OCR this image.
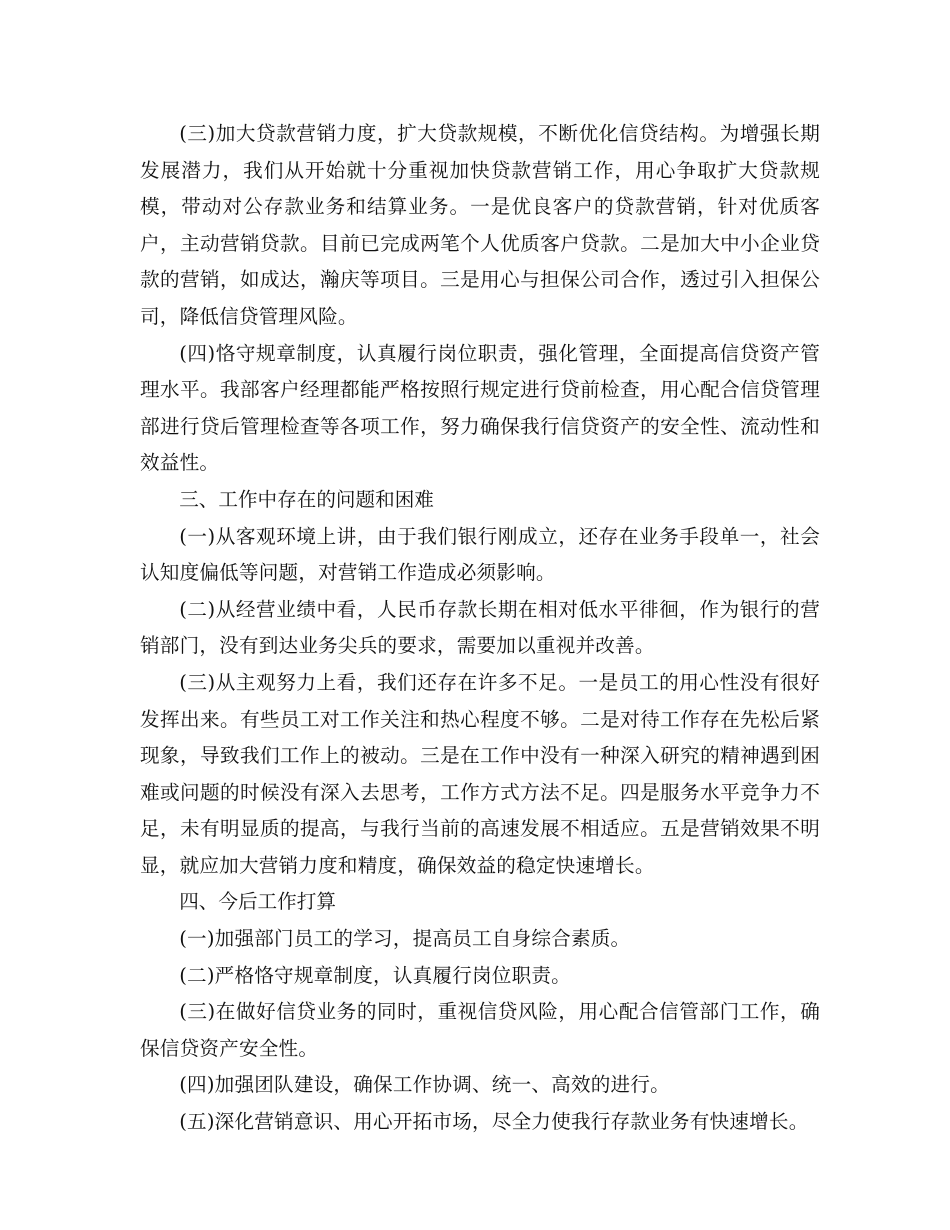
(三)加大贷款营销力度，扩大贷款规模，不断优化信贷结构。为增强长期发展潜力，我们从开始就十分重视加快贷款营销工作，用心争取扩大贷款规模，带动对公存款业务和结算业务。一是优良客户的贷款营销，针对优质客户，主动营销贷款。目前已完成两笔个人优质客户贷款。二是加大中小企业贷款的营销，如成达，瀚庆等项目。三是用心与担保公司合作，透过引入担保公司，降低信贷管理风险。

(四)恪守规章制度，认真履行岗位职责，强化管理，全面提高信贷资产管理水平。我部客户经理都能严格按照行规定进行贷前检查，用心配合信贷管理部进行贷后管理检查等各项工作，努力确保我行信贷资产的安全性、流动性和效益性。

三、工作中存在的问题和困难

(一)从客观环境上讲，由于我们银行刚成立，还存在业务手段单一，社会认知度偏低等问题，对营销工作造成必须影响。

(二)从经营业绩中看，人民币存款长期在相对低水平徘徊，作为银行的营销部门，没有到达业务尖兵的要求，需要加以重视并改善。

(三)从主观努力上看，我们还存在许多不足。一是员工的用心性没有很好发挥出来。有些员工对工作关注和热心程度不够。二是对待工作存在先松后紧现象，导致我们工作上的被动。三是在工作中没有一种深入研究的精神遇到困难或问题的时候没有深入去思考，工作方式方法不足。四是服务水平竞争力不足，未有明显质的提高，与我行当前的高速发展不相适应。五是营销效果不明显，就应加大营销力度和精度，确保效益的稳定快速增长。

四、今后工作打算

(一)加强部门员工的学习，提高员工自身综合素质。

(二)严格恪守规章制度，认真履行岗位职责。

(三)在做好信贷业务的同时，重视信贷风险，用心配合信管部门工作，确保信贷资产安全性。

(四)加强团队建设，确保工作协调、统一、高效的进行。

(五)深化营销意识、用心开拓市场，尽全力使我行存款业务有快速增长。
